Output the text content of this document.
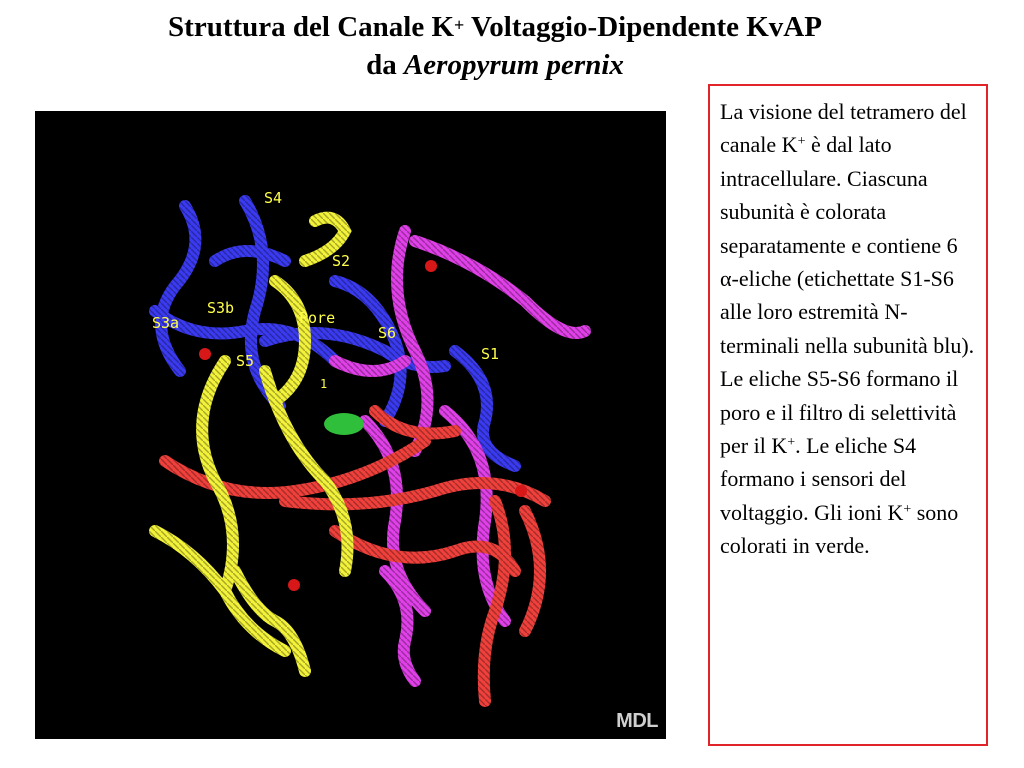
Struttura del Canale K+ Voltaggio-Dipendente KvAP
da Aeropyrum pernix
S4
S2
S3a
S3b
Pore
S6
S1
S5
1
MDL

La visione del tetramero del canale K+ è dal lato intracellulare. Ciascuna subunità è colorata separatamente e contiene 6 α-eliche (etichettate S1-S6 alle loro estremità N-terminali nella subunità blu). Le eliche S5-S6 formano il poro e il filtro di selettività per il K+. Le eliche S4 formano i sensori del voltaggio. Gli ioni K+ sono colorati in verde.
